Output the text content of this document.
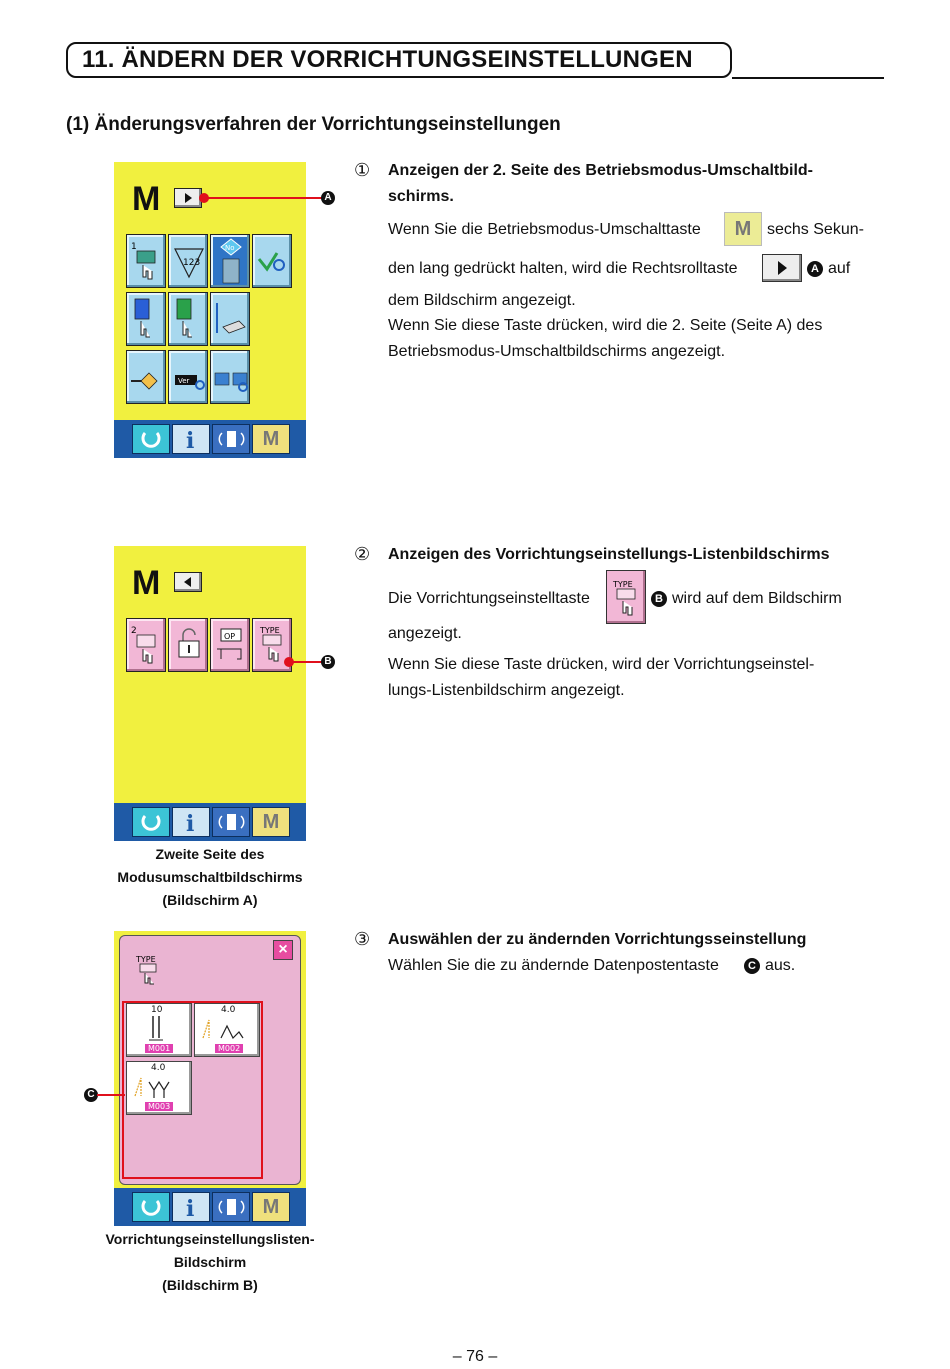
11. ÄNDERN DER VORRICHTUNGSEINSTELLUNGEN
(1) Änderungsverfahren der Vorrichtungseinstellungen
M
1
123
No
Ver
i	M
A
① Anzeigen der 2. Seite des Betriebsmodus-Umschaltbild-
schirms.
Wenn Sie die Betriebsmodus-Umschalttaste	M sechs Sekun-
den lang gedrückt halten, wird die Rechtsrolltaste	A auf
dem Bildschirm angezeigt.
Wenn Sie diese Taste drücken, wird die 2. Seite (Seite A) des
Betriebsmodus-Umschaltbildschirms angezeigt.
M
2
OP
TYPE
i	M
B
Zweite Seite des
Modusumschaltbildschirms
(Bildschirm A)
② Anzeigen des Vorrichtungseinstellungs-Listenbildschirms
Die Vorrichtungseinstelltaste
TYPE
B wird auf dem Bildschirm
angezeigt.
Wenn Sie diese Taste drücken, wird der Vorrichtungseinstel-
lungs-Listenbildschirm angezeigt.
TYPE
×
10
M001
4.0
M002
4.0
M003
i	M
C
Vorrichtungseinstellungslisten-
Bildschirm
(Bildschirm B)
③ Auswählen der zu ändernden Vorrichtungsseinstellung
Wählen Sie die zu ändernde Datenpostentaste	C aus.
– 76 –
